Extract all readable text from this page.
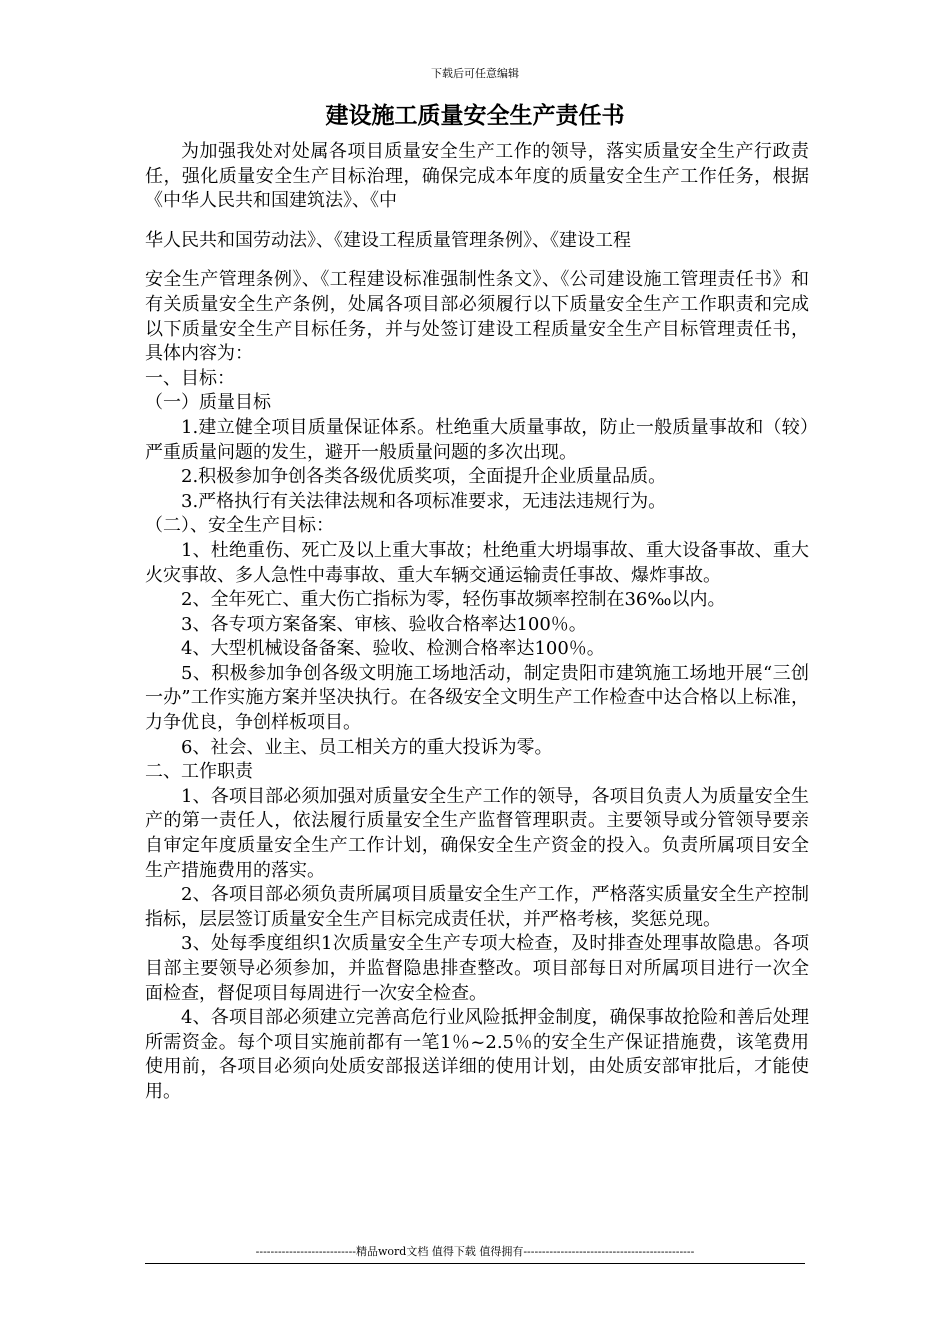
下载后可任意编辑
建设施工质量安全生产责任书

为加强我处对处属各项目质量安全生产工作的领导，落实质量安全生产行政责任，强化质量安全生产目标治理，确保完成本年度的质量安全生产工作任务，根据《中华人民共和国建筑法》、《中

华人民共和国劳动法》、《建设工程质量管理条例》、《建设工程

安全生产管理条例》、《工程建设标准强制性条文》、《公司建设施工管理责任书》和有关质量安全生产条例，处属各项目部必须履行以下质量安全生产工作职责和完成以下质量安全生产目标任务，并与处签订建设工程质量安全生产目标管理责任书，具体内容为：

一、目标：

（一）质量目标

1.建立健全项目质量保证体系。杜绝重大质量事故，防止一般质量事故和（较）严重质量问题的发生，避开一般质量问题的多次出现。

2.积极参加争创各类各级优质奖项，全面提升企业质量品质。

3.严格执行有关法律法规和各项标准要求，无违法违规行为。

（二）、安全生产目标：

1、杜绝重伤、死亡及以上重大事故；杜绝重大坍塌事故、重大设备事故、重大火灾事故、多人急性中毒事故、重大车辆交通运输责任事故、爆炸事故。

2、全年死亡、重大伤亡指标为零，轻伤事故频率控制在36‰以内。

3、各专项方案备案、审核、验收合格率达100％。

4、大型机械设备备案、验收、检测合格率达100％。

5、积极参加争创各级文明施工场地活动，制定贵阳市建筑施工场地开展“三创一办”工作实施方案并坚决执行。在各级安全文明生产工作检查中达合格以上标准，力争优良，争创样板项目。

6、社会、业主、员工相关方的重大投诉为零。

二、工作职责

1、各项目部必须加强对质量安全生产工作的领导，各项目负责人为质量安全生产的第一责任人，依法履行质量安全生产监督管理职责。主要领导或分管领导要亲自审定年度质量安全生产工作计划，确保安全生产资金的投入。负责所属项目安全生产措施费用的落实。

2、各项目部必须负责所属项目质量安全生产工作，严格落实质量安全生产控制指标，层层签订质量安全生产目标完成责任状，并严格考核，奖惩兑现。

3、处每季度组织1次质量安全生产专项大检查，及时排查处理事故隐患。各项目部主要领导必须参加，并监督隐患排查整改。项目部每日对所属项目进行一次全面检查，督促项目每周进行一次安全检查。

4、各项目部必须建立完善高危行业风险抵押金制度，确保事故抢险和善后处理所需资金。每个项目实施前都有一笔1％~2.5％的安全生产保证措施费，该笔费用使用前，各项目必须向处质安部报送详细的使用计划，由处质安部审批后，才能使用。

---------------------------精品word文档 值得下载 值得拥有----------------------------------------------
